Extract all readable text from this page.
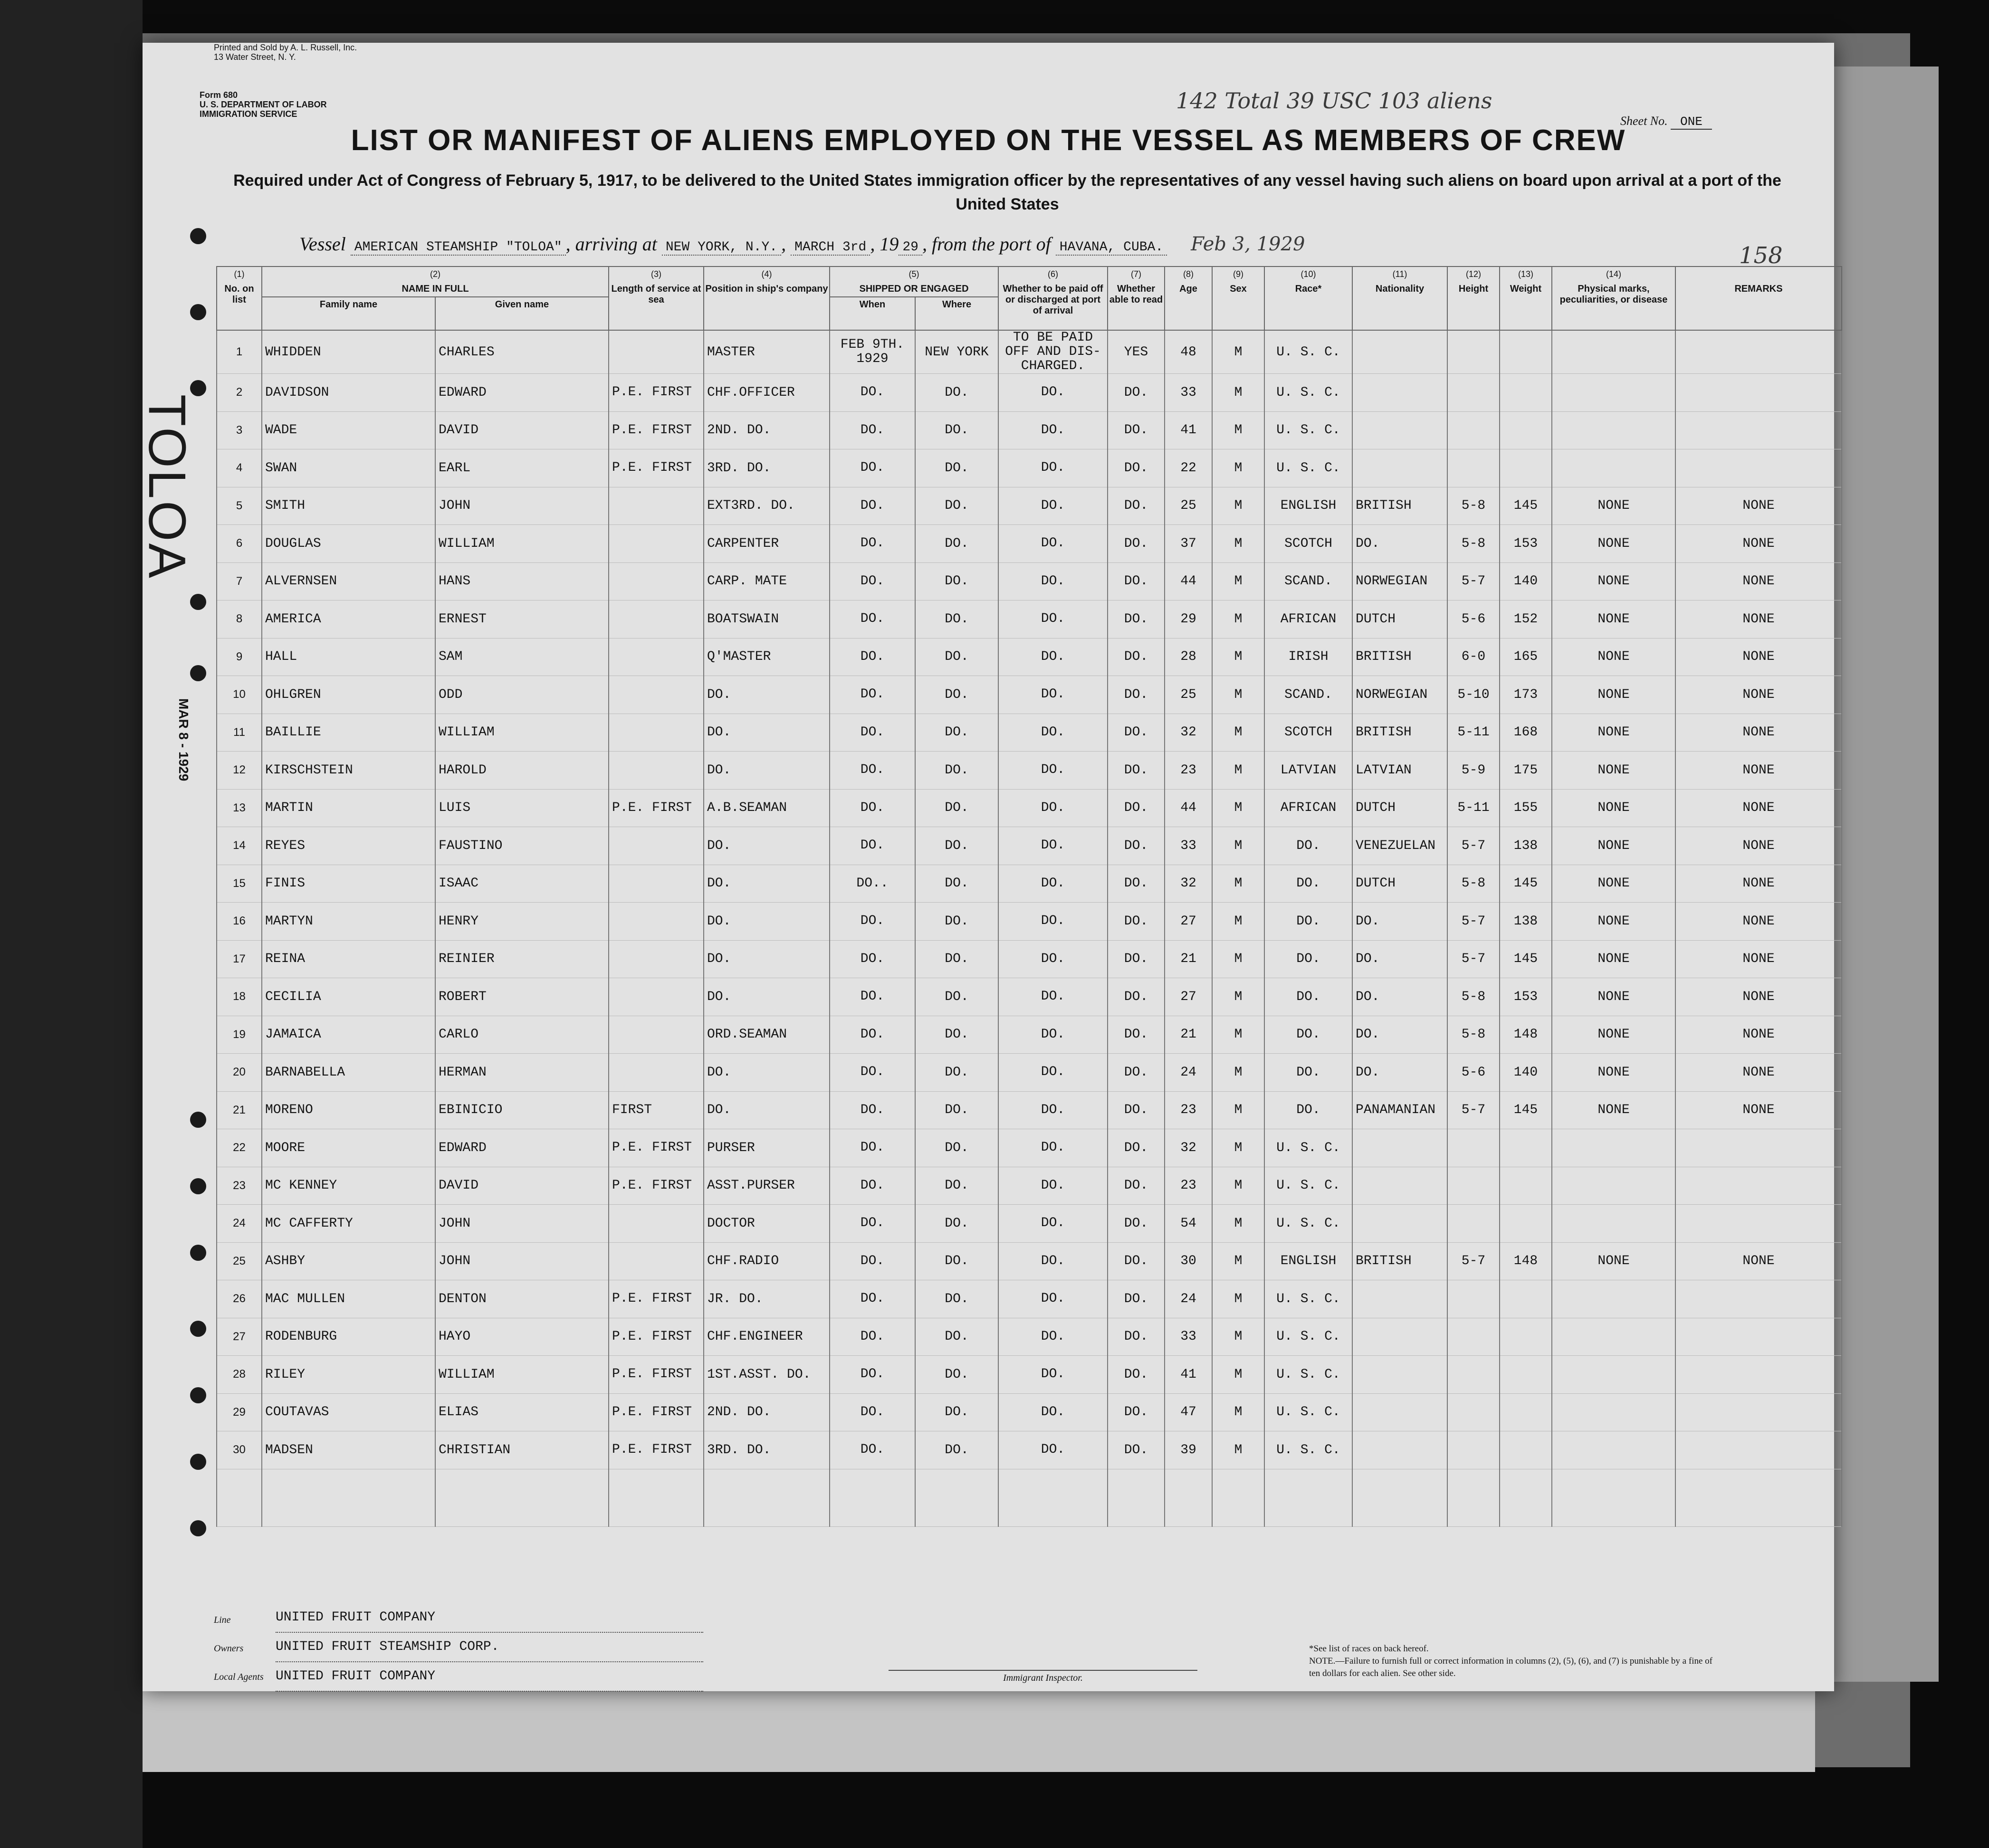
Printed and Sold by A. L. Russell, Inc.
13 Water Street, N. Y.
Form 680
U. S. DEPARTMENT OF LABOR
IMMIGRATION SERVICE
142 Total 39 USC 103 aliens
Sheet No. ONE
LIST OR MANIFEST OF ALIENS EMPLOYED ON THE VESSEL AS MEMBERS OF CREW
Required under Act of Congress of February 5, 1917, to be delivered to the United States immigration officer by the representatives of any vessel having such aliens on board upon arrival at a port of the United States
Vessel AMERICAN STEAMSHIP "TOLOA" , arriving at NEW YORK, N.Y. , MARCH 3rd , 19 29 , from the port of HAVANA, CUBA. Feb 3, 1929	158
TOLOA
MAR 8 - 1929
(1)
No. on list	(2)
NAME IN FULL		(3)
Length of service at sea	(4)
Position in ship's company	(5)
SHIPPED OR ENGAGED		(6)
Whether to be paid off or discharged at port of arrival	(7)
Whether able to read	(8)
Age	(9)
Sex	(10)
Race*	(11)
Nationality	(12)
Height	(13)
Weight	(14)
Physical marks, peculiarities, or disease	REMARKS
	Family name	Given name			When	Where										
1	WHIDDEN	CHARLES		MASTER	FEB 9TH. 1929	NEW YORK	TO BE PAID OFF AND DIS-CHARGED.	YES	48	M	U. S. C.					
2	DAVIDSON	EDWARD	P.E. FIRST	CHF.OFFICER	DO.	DO.	DO.	DO.	33	M	U. S. C.					
3	WADE	DAVID	P.E. FIRST	2ND. DO.	DO.	DO.	DO.	DO.	41	M	U. S. C.					
4	SWAN	EARL	P.E. FIRST	3RD. DO.	DO.	DO.	DO.	DO.	22	M	U. S. C.					
5	SMITH	JOHN		EXT3RD. DO.	DO.	DO.	DO.	DO.	25	M	ENGLISH	BRITISH	5-8	145	NONE	NONE
6	DOUGLAS	WILLIAM		CARPENTER	DO.	DO.	DO.	DO.	37	M	SCOTCH	DO.	5-8	153	NONE	NONE
7	ALVERNSEN	HANS		CARP. MATE	DO.	DO.	DO.	DO.	44	M	SCAND.	NORWEGIAN	5-7	140	NONE	NONE
8	AMERICA	ERNEST		BOATSWAIN	DO.	DO.	DO.	DO.	29	M	AFRICAN	DUTCH	5-6	152	NONE	NONE
9	HALL	SAM		Q'MASTER	DO.	DO.	DO.	DO.	28	M	IRISH	BRITISH	6-0	165	NONE	NONE
10	OHLGREN	ODD		DO.	DO.	DO.	DO.	DO.	25	M	SCAND.	NORWEGIAN	5-10	173	NONE	NONE
11	BAILLIE	WILLIAM		DO.	DO.	DO.	DO.	DO.	32	M	SCOTCH	BRITISH	5-11	168	NONE	NONE
12	KIRSCHSTEIN	HAROLD		DO.	DO.	DO.	DO.	DO.	23	M	LATVIAN	LATVIAN	5-9	175	NONE	NONE
13	MARTIN	LUIS	P.E. FIRST	A.B.SEAMAN	DO.	DO.	DO.	DO.	44	M	AFRICAN	DUTCH	5-11	155	NONE	NONE
14	REYES	FAUSTINO		DO.	DO.	DO.	DO.	DO.	33	M	DO.	VENEZUELAN	5-7	138	NONE	NONE
15	FINIS	ISAAC		DO.	DO..	DO.	DO.	DO.	32	M	DO.	DUTCH	5-8	145	NONE	NONE
16	MARTYN	HENRY		DO.	DO.	DO.	DO.	DO.	27	M	DO.	DO.	5-7	138	NONE	NONE
17	REINA	REINIER		DO.	DO.	DO.	DO.	DO.	21	M	DO.	DO.	5-7	145	NONE	NONE
18	CECILIA	ROBERT		DO.	DO.	DO.	DO.	DO.	27	M	DO.	DO.	5-8	153	NONE	NONE
19	JAMAICA	CARLO		ORD.SEAMAN	DO.	DO.	DO.	DO.	21	M	DO.	DO.	5-8	148	NONE	NONE
20	BARNABELLA	HERMAN		DO.	DO.	DO.	DO.	DO.	24	M	DO.	DO.	5-6	140	NONE	NONE
21	MORENO	EBINICIO	FIRST	DO.	DO.	DO.	DO.	DO.	23	M	DO.	PANAMANIAN	5-7	145	NONE	NONE
22	MOORE	EDWARD	P.E. FIRST	PURSER	DO.	DO.	DO.	DO.	32	M	U. S. C.					
23	MC KENNEY	DAVID	P.E. FIRST	ASST.PURSER	DO.	DO.	DO.	DO.	23	M	U. S. C.					
24	MC CAFFERTY	JOHN		DOCTOR	DO.	DO.	DO.	DO.	54	M	U. S. C.					
25	ASHBY	JOHN		CHF.RADIO	DO.	DO.	DO.	DO.	30	M	ENGLISH	BRITISH	5-7	148	NONE	NONE
26	MAC MULLEN	DENTON	P.E. FIRST	JR. DO.	DO.	DO.	DO.	DO.	24	M	U. S. C.					
27	RODENBURG	HAYO	P.E. FIRST	CHF.ENGINEER	DO.	DO.	DO.	DO.	33	M	U. S. C.					
28	RILEY	WILLIAM	P.E. FIRST	1ST.ASST. DO.	DO.	DO.	DO.	DO.	41	M	U. S. C.					
29	COUTAVAS	ELIAS	P.E. FIRST	2ND. DO.	DO.	DO.	DO.	DO.	47	M	U. S. C.					
30	MADSEN	CHRISTIAN	P.E. FIRST	3RD. DO.	DO.	DO.	DO.	DO.	39	M	U. S. C.					

Line
Owners
Local Agents
UNITED FRUIT COMPANY
UNITED FRUIT STEAMSHIP CORP.
UNITED FRUIT COMPANY	Immigrant Inspector.
*See list of races on back hereof.
NOTE.—Failure to furnish full or correct information in columns (2), (5), (6), and (7) is punishable by a fine of ten dollars for each alien. See other side.
